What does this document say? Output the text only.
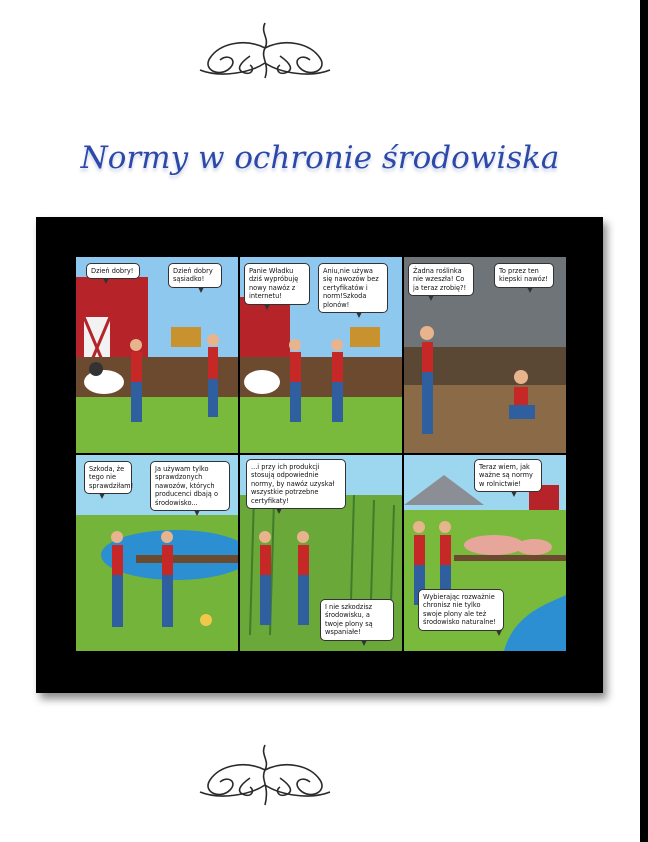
Normy w ochronie środowiska
Dzień dobry!	Dzień dobry sąsiadko!
Panie Władku dziś wypróbuję nowy nawóz z internetu!
Aniu,nie używa się nawozów bez certyfikatów i norm!Szkoda plonów!
Żadna roślinka nie wzeszła! Co ja teraz zrobię?!
To przez ten kiepski nawóz!
Szkoda, że tego nie sprawdziłam!
Ja używam tylko sprawdzonych nawozów, których producenci dbają o środowisko...
...i przy ich produkcji stosują odpowiednie normy, by nawóz uzyskał wszystkie potrzebne certyfikaty!
I nie szkodzisz środowisku, a twoje plony są wspaniałe!
Teraz wiem, jak ważne są normy w rolnictwie!
Wybierając rozważnie chronisz nie tylko swoje plony ale też środowisko naturalne!
